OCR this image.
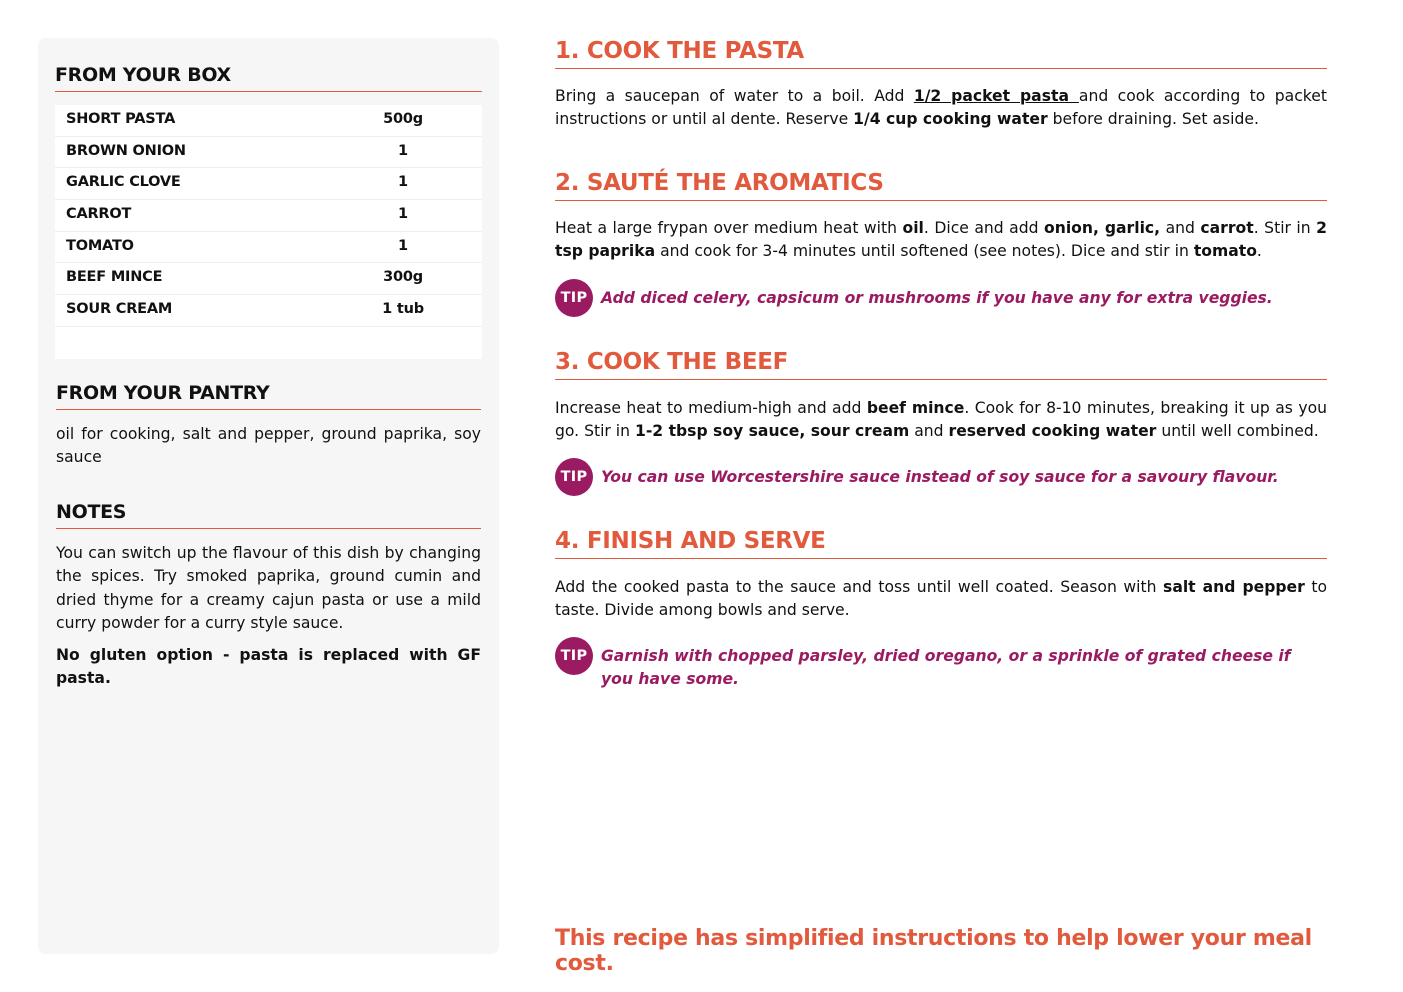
FROM YOUR BOX
SHORT PASTA	500g
BROWN ONION	1
GARLIC CLOVE	1
CARROT	1
TOMATO	1
BEEF MINCE	300g
SOUR CREAM	1 tub
FROM YOUR PANTRY
oil for cooking, salt and pepper, ground paprika, soy sauce
NOTES
You can switch up the flavour of this dish by changing the spices. Try smoked paprika, ground cumin and dried thyme for a creamy cajun pasta or use a mild curry powder for a curry style sauce.
No gluten option - pasta is replaced with GF pasta.
1. COOK THE PASTA
Bring a saucepan of water to a boil. Add 1/2 packet pasta and cook according to packet instructions or until al dente. Reserve 1/4 cup cooking water before draining. Set aside.
2. SAUTÉ THE AROMATICS
Heat a large frypan over medium heat with oil. Dice and add onion, garlic, and carrot. Stir in 2 tsp paprika and cook for 3-4 minutes until softened (see notes). Dice and stir in tomato.
TIP Add diced celery, capsicum or mushrooms if you have any for extra veggies.
3. COOK THE BEEF
Increase heat to medium-high and add beef mince. Cook for 8-10 minutes, breaking it up as you go. Stir in 1-2 tbsp soy sauce, sour cream and reserved cooking water until well combined.
TIP You can use Worcestershire sauce instead of soy sauce for a savoury flavour.
4. FINISH AND SERVE
Add the cooked pasta to the sauce and toss until well coated. Season with salt and pepper to taste. Divide among bowls and serve.
TIP Garnish with chopped parsley, dried oregano, or a sprinkle of grated cheese if you have some.
This recipe has simplified instructions to help lower your meal cost.
